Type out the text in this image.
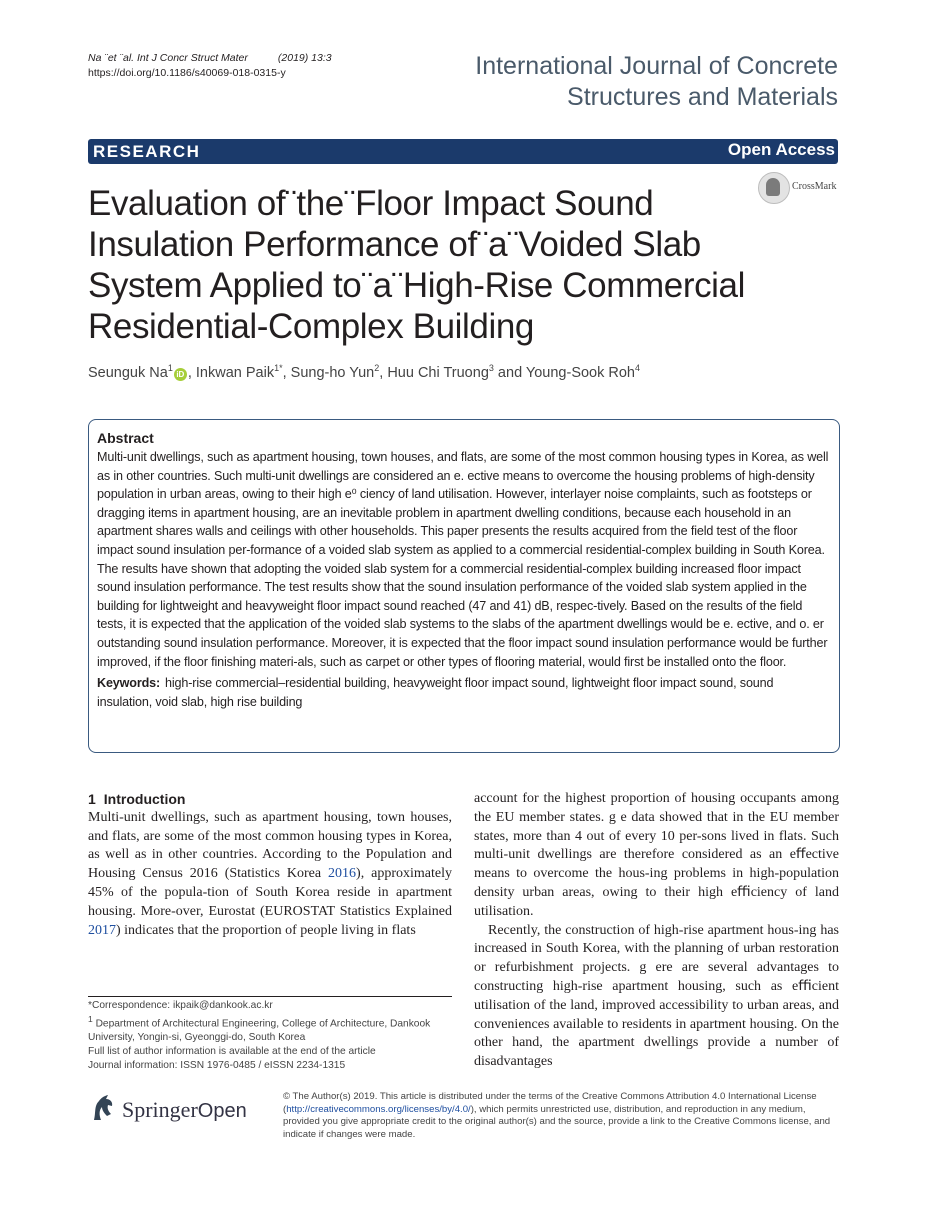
Na ¨et ¨al. Int J Concr Struct Mater	(2019) 13:3
https://doi.org/10.1186/s40069-018-0315-y	International Journal of Concrete
Structures and Materials
RESEARCH	Open Access
CrossMark
Evaluation of¨the¨Floor Impact Sound Insulation Performance of¨a¨Voided Slab System Applied to¨a¨High-Rise Commercial Residential-Complex Building
Seunguk Na$^1$iD , Inkwan Paik$^{1*}$, Sung-ho Yun$^2$, Huu Chi Truong$^3$ and Young-Sook Roh$^4$
Abstract
Multi-unit dwellings, such as apartment housing, town houses, and flats, are some of the most common housing types in Korea, as well as in other countries. Such multi-unit dwellings are considered an e. ective means to overcome the housing problems of high-density population in urban areas, owing to their high e⁰ ciency of land utilisation. However, interlayer noise complaints, such as footsteps or dragging items in apartment housing, are an inevitable problem in apartment dwelling conditions, because each household in an apartment shares walls and ceilings with other households. This paper presents the results acquired from the field test of the floor impact sound insulation per-formance of a voided slab system as applied to a commercial residential-complex building in South Korea. The results have shown that adopting the voided slab system for a commercial residential-complex building increased floor impact sound insulation performance. The test results show that the sound insulation performance of the voided slab system applied in the building for lightweight and heavyweight floor impact sound reached (47 and 41) dB, respec-tively. Based on the results of the field tests, it is expected that the application of the voided slab systems to the slabs of the apartment dwellings would be e. ective, and o. er outstanding sound insulation performance. Moreover, it is expected that the floor impact sound insulation performance would be further improved, if the floor finishing materi-als, such as carpet or other types of flooring material, would first be installed onto the floor.
Keywords: high-rise commercial–residential building, heavyweight floor impact sound, lightweight floor impact sound, sound insulation, void slab, high rise building
1 Introduction
Multi-unit dwellings, such as apartment housing, town houses, and flats, are some of the most common housing types in Korea, as well as in other countries. According to the Population and Housing Census 2016 (Statistics Korea 2016), approximately 45% of the popula-tion of South Korea reside in apartment housing. More-over, Eurostat (EUROSTAT Statistics Explained 2017) indicates that the proportion of people living in flats
*Correspondence: ikpaik@dankook.ac.kr
$^1$ Department of Architectural Engineering, College of Architecture, Dankook University, Yongin-si, Gyeonggi-do, South Korea
Full list of author information is available at the end of the article
Journal information: ISSN 1976-0485 / eISSN 2234-1315
account for the highest proportion of housing occupants among the EU member states. g e data showed that in the EU member states, more than 4 out of every 10 per-sons lived in flats. Such multi-unit dwellings are therefore considered as an eﬀective means to overcome the hous-ing problems in high-population density urban areas, owing to their high eﬃciency of land utilisation.
Recently, the construction of high-rise apartment hous-ing has increased in South Korea, with the planning of urban restoration or refurbishment projects. g ere are several advantages to constructing high-rise apartment housing, such as eﬃcient utilisation of the land, improved accessibility to urban areas, and conveniences available to residents in apartment housing. On the other hand, the apartment dwellings provide a number of disadvantages
SpringerOpen
© The Author(s) 2019. This article is distributed under the terms of the Creative Commons Attribution 4.0 International License (http://creativecommons.org/licenses/by/4.0/), which permits unrestricted use, distribution, and reproduction in any medium, provided you give appropriate credit to the original author(s) and the source, provide a link to the Creative Commons license, and indicate if changes were made.
